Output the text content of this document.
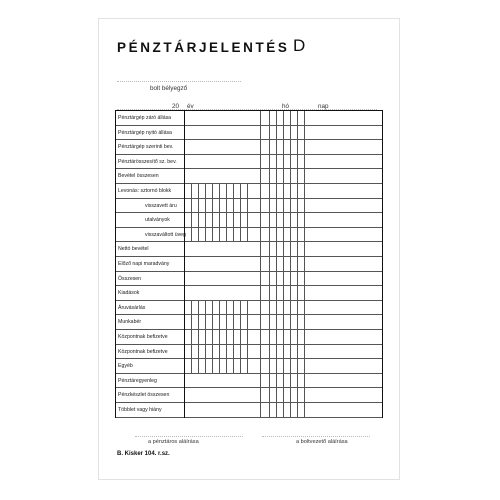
PÉNZTÁRJELENTÉS D
bolt bélyegző
20 év	hó	nap
Pénztárgép záró állása
Pénztárgép nyitó állása
Pénztárgép szerinti bev.
Pénztárösszesítő sz. bev.
Bevétel összesen
Levonás: sztornó blokk
visszavett áru
utalványok
visszaváltott üveg
Nettó bevétel
Előző napi maradvány
Összesen
Kiadások
Áruvásárlás
Munkabér
Központnak befizetve
Központnak befizetve
Egyéb
Pénztáregyenleg
Pénzkészlet összesen
Többlet vagy hiány
a pénztáros aláírása	a boltvezető aláírása
B. Kisker 104. r.sz.
